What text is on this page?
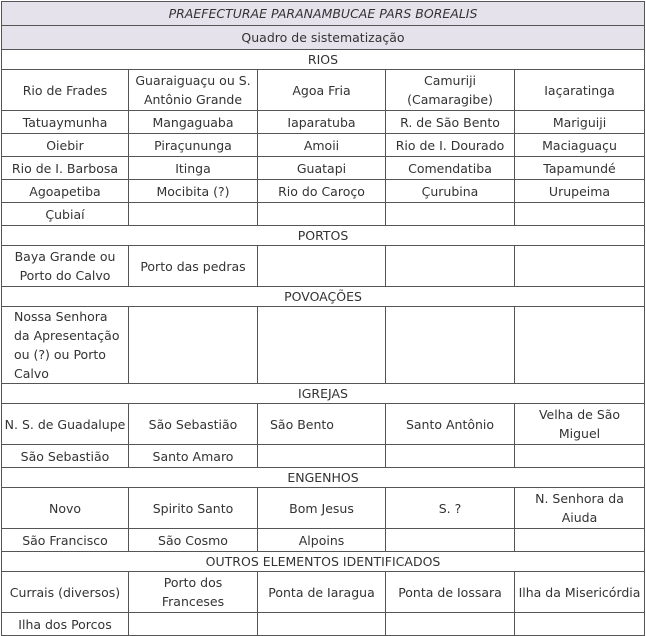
PRAEFECTURAE PARANAMBUCAE PARS BOREALIS				
Quadro de sistematização				
RIOS				
Rio de Frades	Guaraiguaçu ou S. Antônio Grande	Agoa Fria	Camuriji (Camaragibe)	Iaçaratinga
Tatuaymunha	Mangaguaba	Iaparatuba	R. de São Bento	Mariguiji
Oiebir	Piraçununga	Amoii	Rio de I. Dourado	Maciaguaçu
Rio de I. Barbosa	Itinga	Guatapi	Comendatiba	Tapamundé
Agoapetiba	Mocibita (?)	Rio do Caroço	Çurubina	Urupeima
Çubiaí				
PORTOS				
Baya Grande ou Porto do Calvo	Porto das pedras			
POVOAÇÕES				
Nossa Senhora da Apresentação ou (?) ou Porto Calvo				
IGREJAS				
N. S. de Guadalupe	São Sebastião	São Bento	Santo Antônio	Velha de São Miguel
São Sebastião	Santo Amaro			
ENGENHOS				
Novo	Spirito Santo	Bom Jesus	S. ?	N. Senhora da Aiuda
São Francisco	São Cosmo	Alpoins		
OUTROS ELEMENTOS IDENTIFICADOS				
Currais (diversos)	Porto dos Franceses	Ponta de Iaragua	Ponta de Iossara	Ilha da Misericórdia
Ilha dos Porcos				
